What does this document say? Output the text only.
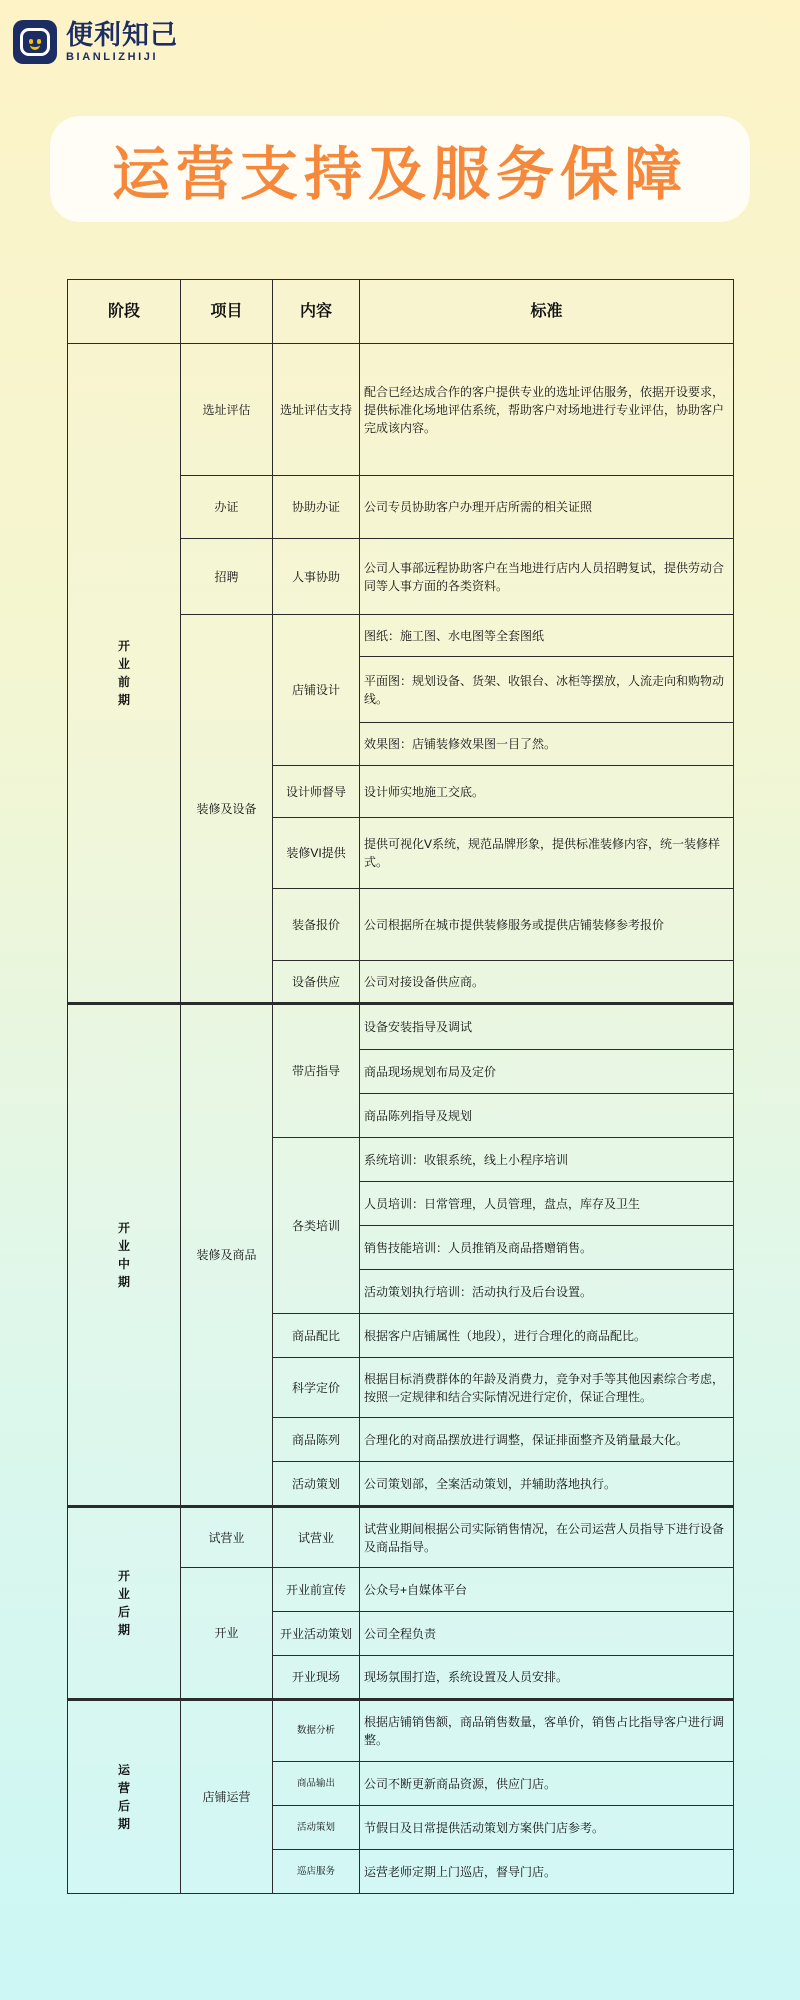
便利知己
BIANLIZHIJI
运营支持及服务保障
阶段	项目	内容	标准

开
业
前
期	选址评估	选址评估支持	配合已经达成合作的客户提供专业的选址评估服务，依据开设要求，提供标准化场地评估系统，帮助客户对场地进行专业评估，协助客户完成该内容。
	办证	协助办证	公司专员协助客户办理开店所需的相关证照
	招聘	人事协助	公司人事部远程协助客户在当地进行店内人员招聘复试，提供劳动合同等人事方面的各类资料。
	装修及设备	店铺设计	图纸：施工图、水电图等全套图纸
			平面图：规划设备、货架、收银台、冰柜等摆放，人流走向和购物动线。
			效果图：店铺装修效果图一目了然。
		设计师督导	设计师实地施工交底。
		装修VI提供	提供可视化V系统，规范品牌形象，提供标准装修内容，统一装修样式。
		装备报价	公司根据所在城市提供装修服务或提供店铺装修参考报价
		设备供应	公司对接设备供应商。

开
业
中
期	装修及商品	带店指导	设备安装指导及调试
			商品现场规划布局及定价
			商品陈列指导及规划
		各类培训	系统培训：收银系统，线上小程序培训
			人员培训：日常管理，人员管理，盘点，库存及卫生
			销售技能培训：人员推销及商品搭赠销售。
			活动策划执行培训：活动执行及后台设置。
		商品配比	根据客户店铺属性（地段），进行合理化的商品配比。
		科学定价	根据目标消费群体的年龄及消费力，竞争对手等其他因素综合考虑，按照一定规律和结合实际情况进行定价，保证合理性。
		商品陈列	合理化的对商品摆放进行调整，保证排面整齐及销量最大化。
		活动策划	公司策划部，全案活动策划，并辅助落地执行。

开
业
后
期	试营业	试营业	试营业期间根据公司实际销售情况，在公司运营人员指导下进行设备及商品指导。
	开业	开业前宣传	公众号+自媒体平台
		开业活动策划	公司全程负责
		开业现场	现场氛围打造，系统设置及人员安排。

运
营
后
期	店铺运营	数据分析	根据店铺销售额，商品销售数量，客单价，销售占比指导客户进行调整。
		商品输出	公司不断更新商品资源，供应门店。
		活动策划	节假日及日常提供活动策划方案供门店参考。
		巡店服务	运营老师定期上门巡店，督导门店。
